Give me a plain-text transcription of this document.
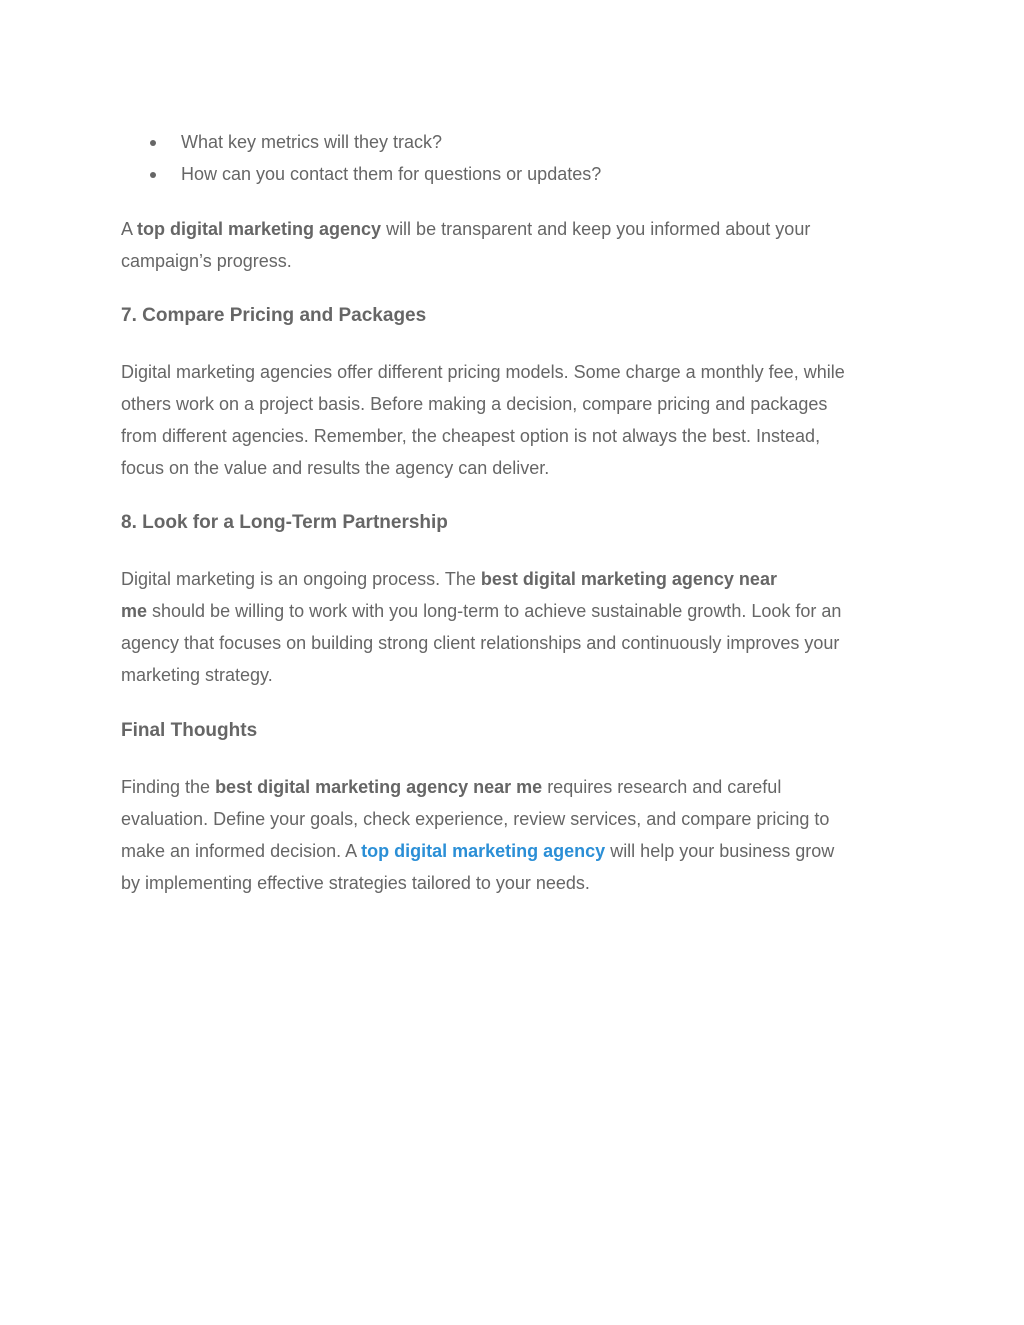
What key metrics will they track?
How can you contact them for questions or updates?
A top digital marketing agency will be transparent and keep you informed about your
campaign’s progress.
7. Compare Pricing and Packages
Digital marketing agencies offer different pricing models. Some charge a monthly fee, while
others work on a project basis. Before making a decision, compare pricing and packages
from different agencies. Remember, the cheapest option is not always the best. Instead,
focus on the value and results the agency can deliver.
8. Look for a Long-Term Partnership
Digital marketing is an ongoing process. The best digital marketing agency near
me should be willing to work with you long-term to achieve sustainable growth. Look for an
agency that focuses on building strong client relationships and continuously improves your
marketing strategy.
Final Thoughts
Finding the best digital marketing agency near me requires research and careful
evaluation. Define your goals, check experience, review services, and compare pricing to
make an informed decision. A top digital marketing agency will help your business grow
by implementing effective strategies tailored to your needs.
